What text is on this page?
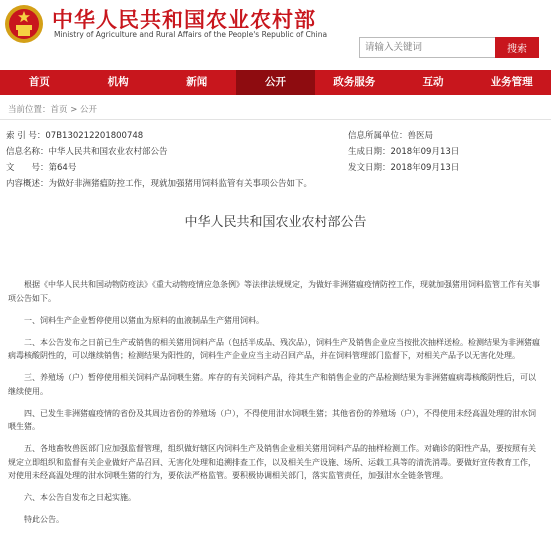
中华人民共和国农业农村部
Ministry of Agriculture and Rural Affairs of the People's Republic of China
请输入关键词
搜索
首页	机构	新闻	公开	政务服务	互动	业务管理
当前位置：首页 > 公开
索 引 号：07B130212201800748	信息所属单位：兽医局
信息名称：中华人民共和国农业农村部公告	生成日期：2018年09月13日
文　　号：第64号	发文日期：2018年09月13日
内容概述：为做好非洲猪瘟防控工作，现就加强猪用饲料监管有关事项公告如下。
中华人民共和国农业农村部公告

根据《中华人民共和国动物防疫法》《重大动物疫情应急条例》等法律法规规定，为做好非洲猪瘟疫情防控工作，现就加强猪用饲料监管工作有关事项公告如下。

一、饲料生产企业暂停使用以猪血为原料的血液制品生产猪用饲料。

二、本公告发布之日前已生产或销售的相关猪用饲料产品（包括半成品、残次品），饲料生产及销售企业应当按批次抽样送检。检测结果为非洲猪瘟病毒核酸阴性的，可以继续销售；检测结果为阳性的，饲料生产企业应当主动召回产品，并在饲料管理部门监督下，对相关产品予以无害化处理。

三、养殖场（户）暂停使用相关饲料产品饲喂生猪。库存的有关饲料产品，待其生产和销售企业的产品检测结果为非洲猪瘟病毒核酸阴性后，可以继续使用。

四、已发生非洲猪瘟疫情的省份及其周边省份的养殖场（户），不得使用泔水饲喂生猪；其他省份的养殖场（户），不得使用未经高温处理的泔水饲喂生猪。

五、各地畜牧兽医部门应加强监督管理，组织做好辖区内饲料生产及销售企业相关猪用饲料产品的抽样检测工作。对确诊的阳性产品，要按照有关规定立即组织和监督有关企业做好产品召回、无害化处理和追溯排查工作，以及相关生产设施、场所、运载工具等的清洗消毒。要做好宣传教育工作，对使用未经高温处理的泔水饲喂生猪的行为，要依法严格监管。要积极协调相关部门，落实监管责任，加强泔水全链条管理。

六、本公告自发布之日起实施。

特此公告。
